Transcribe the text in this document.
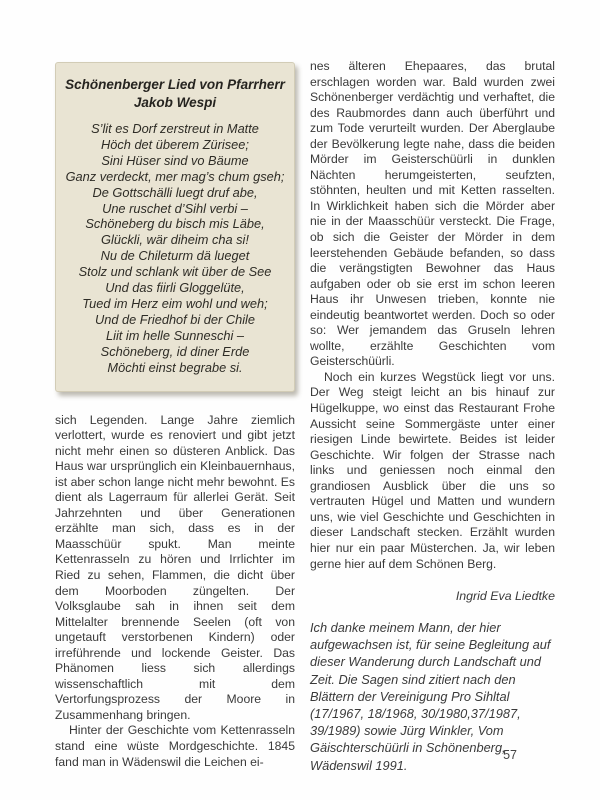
Schönenberger Lied von Pfarrherr
Jakob Wespi
S’lit es Dorf zerstreut in Matte
Höch det überem Zürisee;
Sini Hüser sind vo Bäume
Ganz verdeckt, mer mag’s chum gseh;
De Gottschälli luegt druf abe,
Une ruschet d’Sihl verbi –
Schöneberg du bisch mis Läbe,
Glückli, wär diheim cha si!
Nu de Chileturm dä lueget
Stolz und schlank wit über de See
Und das fiirli Gloggelüte,
Tued im Herz eim wohl und weh;
Und de Friedhof bi der Chile
Liit im helle Sunneschi –
Schöneberg, id diner Erde
Möchti einst begrabe si.

sich Legenden. Lange Jahre ziemlich verlottert, wurde es renoviert und gibt jetzt nicht mehr einen so düsteren Anblick. Das Haus war ursprünglich ein Kleinbauernhaus, ist aber schon lange nicht mehr bewohnt. Es dient als Lagerraum für allerlei Gerät. Seit Jahrzehnten und über Generationen erzählte man sich, dass es in der Maasschüür spukt. Man meinte Kettenrasseln zu hören und Irrlichter im Ried zu sehen, Flammen, die dicht über dem Moorboden züngelten. Der Volksglaube sah in ihnen seit dem Mittelalter brennende Seelen (oft von ungetauft verstorbenen Kindern) oder irreführende und lockende Geister. Das Phänomen liess sich allerdings wissenschaftlich mit dem Vertorfungsprozess der Moore in Zusammenhang bringen.

Hinter der Geschichte vom Kettenrasseln stand eine wüste Mordgeschichte. 1845 fand man in Wädenswil die Leichen ei-

nes älteren Ehepaares, das brutal erschlagen worden war. Bald wurden zwei Schönenberger verdächtig und verhaftet, die des Raubmordes dann auch überführt und zum Tode verurteilt wurden. Der Aberglaube der Bevölkerung legte nahe, dass die beiden Mörder im Geisterschüürli in dunklen Nächten herumgeisterten, seufzten, stöhnten, heulten und mit Ketten rasselten. In Wirklichkeit haben sich die Mörder aber nie in der Maasschüür versteckt. Die Frage, ob sich die Geister der Mörder in dem leerstehenden Gebäude befanden, so dass die verängstigten Bewohner das Haus aufgaben oder ob sie erst im schon leeren Haus ihr Unwesen trieben, konnte nie eindeutig beantwortet werden. Doch so oder so: Wer jemandem das Gruseln lehren wollte, erzählte Geschichten vom Geisterschüürli.

Noch ein kurzes Wegstück liegt vor uns. Der Weg steigt leicht an bis hinauf zur Hügelkuppe, wo einst das Restaurant Frohe Aussicht seine Sommergäste unter einer riesigen Linde bewirtete. Beides ist leider Geschichte. Wir folgen der Strasse nach links und geniessen noch einmal den grandiosen Ausblick über die uns so vertrauten Hügel und Matten und wundern uns, wie viel Geschichte und Geschichten in dieser Landschaft stecken. Erzählt wurden hier nur ein paar Müsterchen. Ja, wir leben gerne hier auf dem Schönen Berg.

Ingrid Eva Liedtke

Ich danke meinem Mann, der hier aufgewachsen ist, für seine Begleitung auf dieser Wanderung durch Landschaft und Zeit. Die Sagen sind zitiert nach den Blättern der Vereinigung Pro Sihltal (17/1967, 18/1968, 30/1980,37/1987, 39/1989) sowie Jürg Winkler, Vom Gäischterschüürli in Schönenberg, Wädenswil 1991.

57
